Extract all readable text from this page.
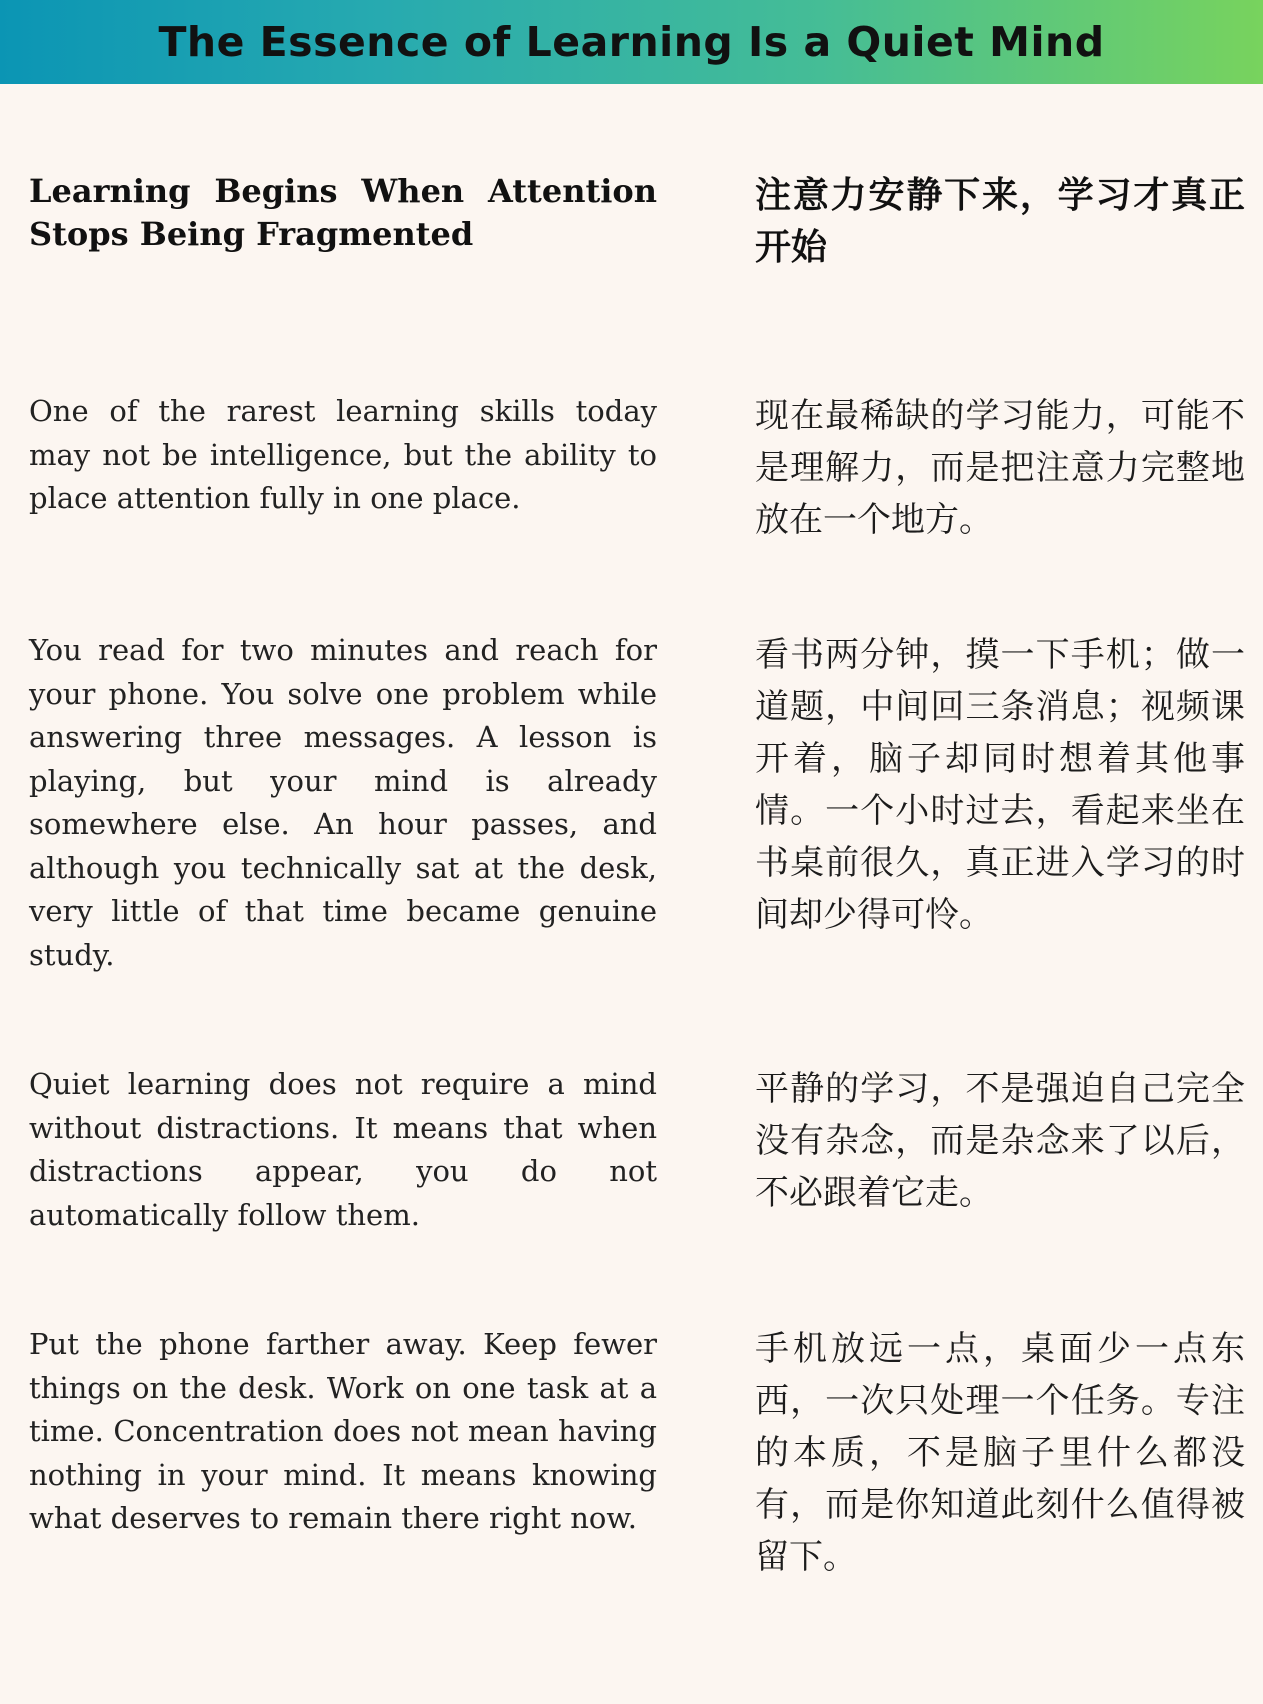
The Essence of Learning Is a Quiet Mind

Learning Begins When Attention Stops Being Fragmented

注意力安静下来，学习才真正开始

One of the rarest learning skills today may not be intelligence, but the ability to place attention fully in one place.

现在最稀缺的学习能力，可能不是理解力，而是把注意力完整地放在一个地方。

You read for two minutes and reach for your phone. You solve one problem while answering three messages. A lesson is playing, but your mind is already somewhere else. An hour passes, and although you technically sat at the desk, very little of that time became genuine study.

看书两分钟，摸一下手机；做一道题，中间回三条消息；视频课开着，脑子却同时想着其他事情。一个小时过去，看起来坐在书桌前很久，真正进入学习的时间却少得可怜。

Quiet learning does not require a mind without distractions. It means that when distractions appear, you do not automatically follow them.

平静的学习，不是强迫自己完全没有杂念，而是杂念来了以后，不必跟着它走。

Put the phone farther away. Keep fewer things on the desk. Work on one task at a time. Concentration does not mean having nothing in your mind. It means knowing what deserves to remain there right now.

手机放远一点，桌面少一点东西，一次只处理一个任务。专注的本质，不是脑子里什么都没有，而是你知道此刻什么值得被留下。
